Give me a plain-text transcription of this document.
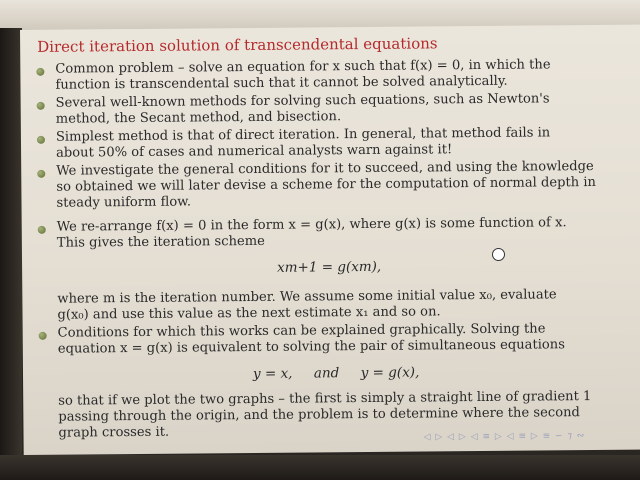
Direct iteration solution of transcendental equations
Common problem – solve an equation for x such that f(x) = 0, in which the
function is transcendental such that it cannot be solved analytically.
Several well-known methods for solving such equations, such as Newton's
method, the Secant method, and bisection.
Simplest method is that of direct iteration. In general, that method fails in
about 50% of cases and numerical analysts warn against it!
We investigate the general conditions for it to succeed, and using the knowledge
so obtained we will later devise a scheme for the computation of normal depth in
steady uniform flow.
We re-arrange f(x) = 0 in the form x = g(x), where g(x) is some function of x.
This gives the iteration scheme
xm+1 = g(xm),
where m is the iteration number. We assume some initial value x₀, evaluate
g(x₀) and use this value as the next estimate x₁ and so on.
Conditions for which this works can be explained graphically. Solving the
equation x = g(x) is equivalent to solving the pair of simultaneous equations
y = x,     and     y = g(x),
so that if we plot the two graphs – the first is simply a straight line of gradient 1
passing through the origin, and the problem is to determine where the second
graph crosses it.	◁ ▷ ◁ ▷ ◁ ≡ ▷ ◁ ≡ ▷ ≡ ∽ ⁊ ∾
